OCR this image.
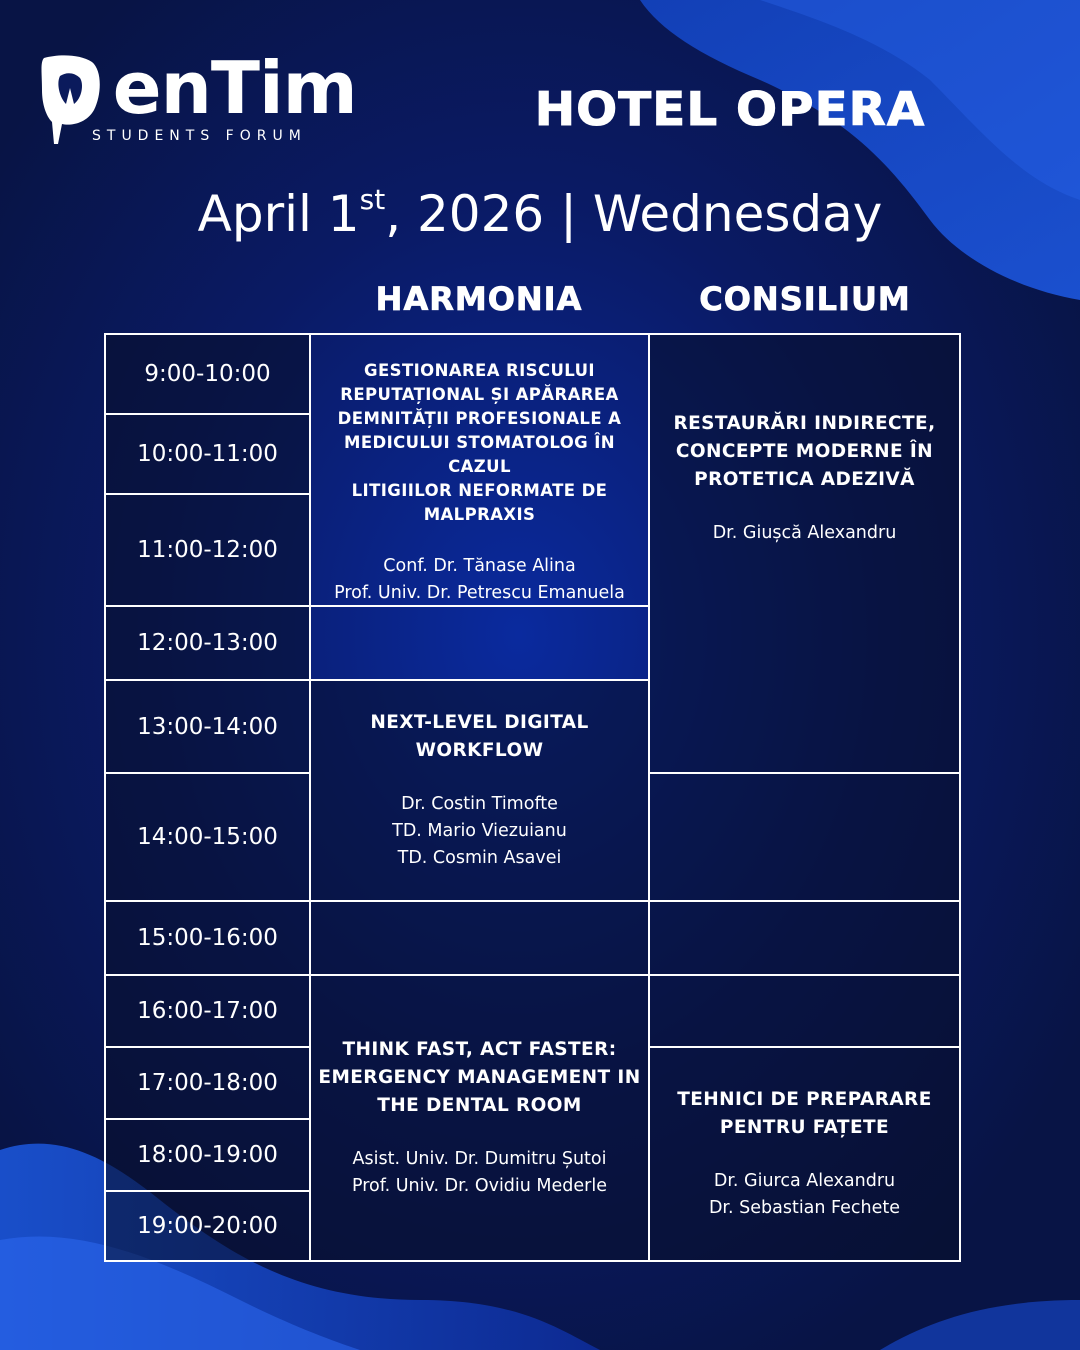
enTim
STUDENTS FORUM	HOTEL OPERA
April 1st, 2026 | Wednesday
HARMONIA	CONSILIUM
9:00-10:00
10:00-11:00
11:00-12:00
12:00-13:00
13:00-14:00
14:00-15:00
15:00-16:00
16:00-17:00
17:00-18:00
18:00-19:00
19:00-20:00
GESTIONAREA RISCULUI
REPUTAȚIONAL ȘI APĂRAREA
DEMNITĂȚII PROFESIONALE A
MEDICULUI STOMATOLOG ÎN CAZUL
LITIGIILOR NEFORMATE DE
MALPRAXIS
Conf. Dr. Tănase Alina
Prof. Univ. Dr. Petrescu Emanuela
NEXT-LEVEL DIGITAL
WORKFLOW
Dr. Costin Timofte
TD. Mario Viezuianu
TD. Cosmin Asavei
THINK FAST, ACT FASTER:
EMERGENCY MANAGEMENT IN
THE DENTAL ROOM
Asist. Univ. Dr. Dumitru Șutoi
Prof. Univ. Dr. Ovidiu Mederle
RESTAURĂRI INDIRECTE,
CONCEPTE MODERNE ÎN
PROTETICA ADEZIVĂ
Dr. Giușcă Alexandru
TEHNICI DE PREPARARE
PENTRU FAȚETE
Dr. Giurca Alexandru
Dr. Sebastian Fechete
